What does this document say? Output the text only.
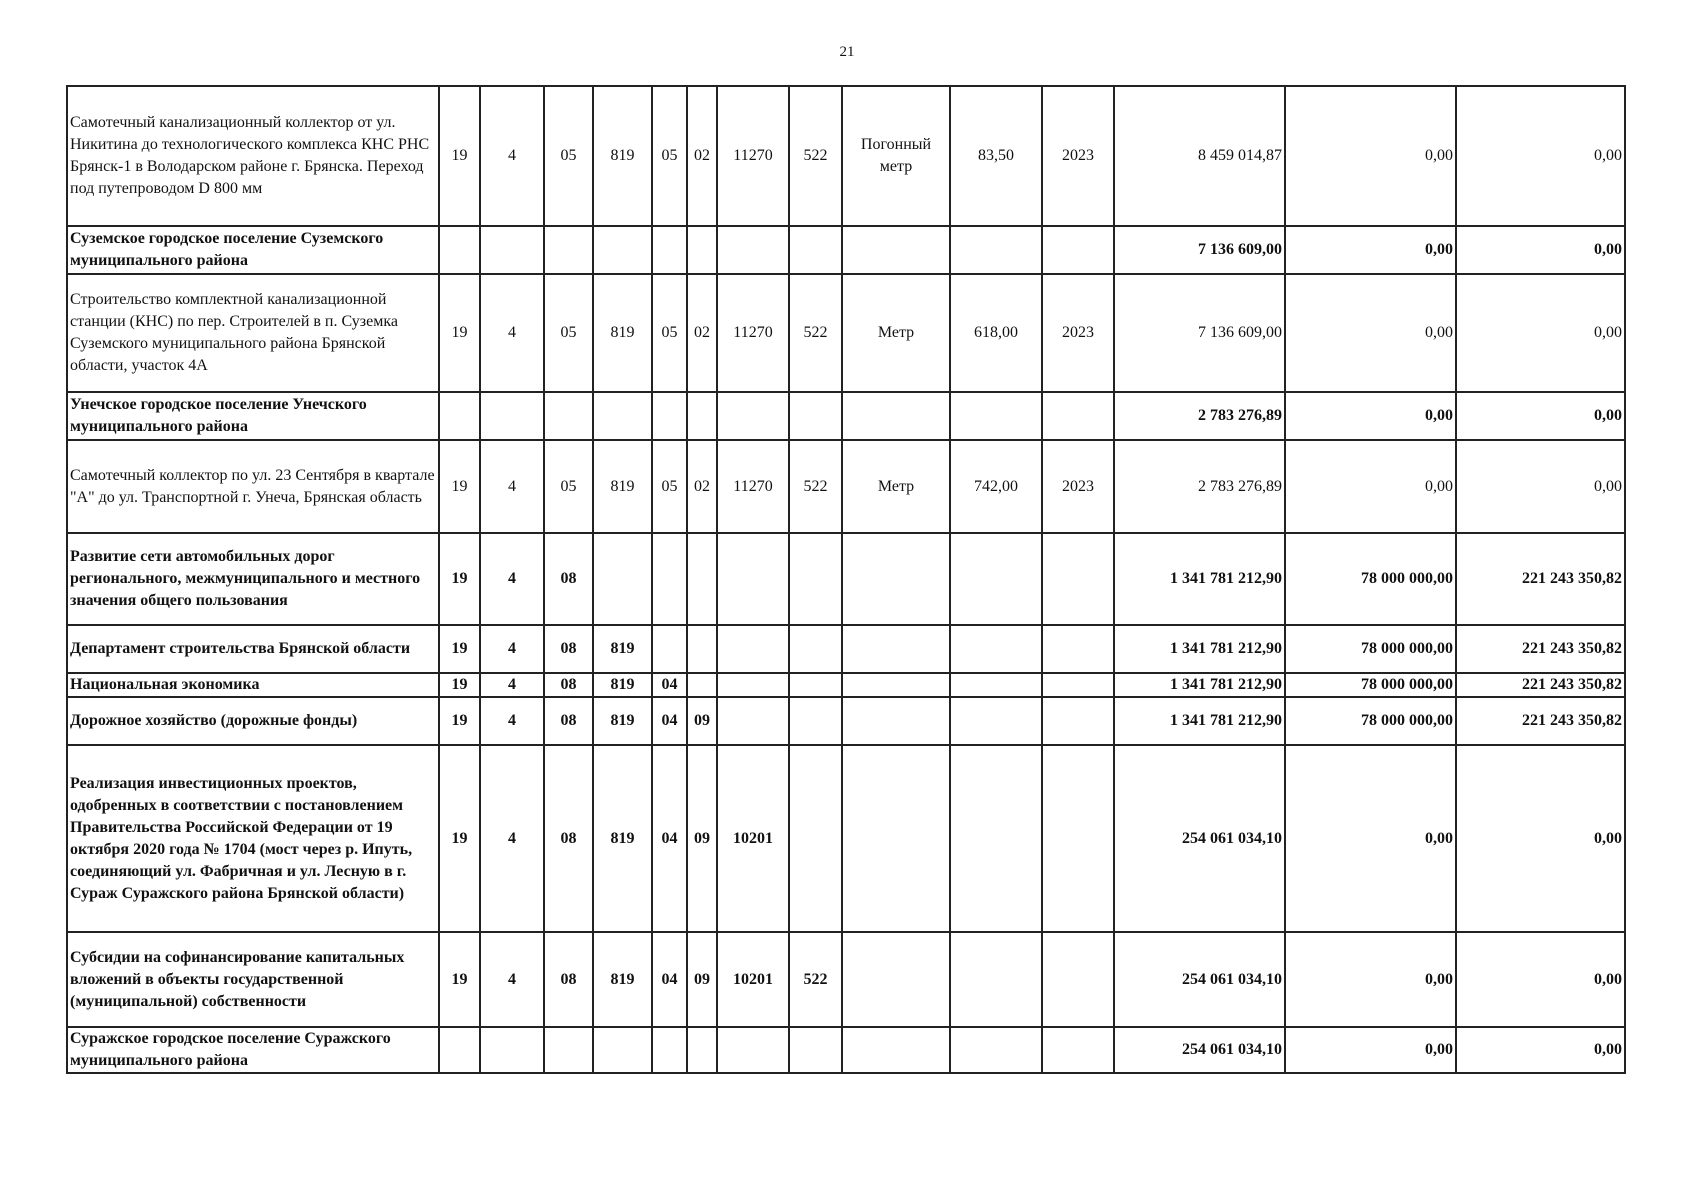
21
Самотечный канализационный коллектор от ул. Никитина до технологического комплекса КНС РНС Брянск-1 в Володарском районе г. Брянска. Переход под путепроводом D 800 мм	19	4	05	819	05	02	11270	522	Погонный метр	83,50	2023	8 459 014,87	0,00	0,00
Суземское городское поселение Суземского муниципального района												7 136 609,00	0,00	0,00
Строительство комплектной канализационной станции (КНС) по пер. Строителей в п. Суземка Суземского муниципального района Брянской области, участок 4А	19	4	05	819	05	02	11270	522	Метр	618,00	2023	7 136 609,00	0,00	0,00
Унечское городское поселение Унечского муниципального района												2 783 276,89	0,00	0,00
Самотечный коллектор по ул. 23 Сентября в квартале "А" до ул. Транспортной г. Унеча, Брянская область	19	4	05	819	05	02	11270	522	Метр	742,00	2023	2 783 276,89	0,00	0,00
Развитие сети автомобильных дорог регионального, межмуниципального и местного значения общего пользования	19	4	08									1 341 781 212,90	78 000 000,00	221 243 350,82
Департамент строительства Брянской области	19	4	08	819								1 341 781 212,90	78 000 000,00	221 243 350,82
Национальная экономика	19	4	08	819	04							1 341 781 212,90	78 000 000,00	221 243 350,82
Дорожное хозяйство (дорожные фонды)	19	4	08	819	04	09						1 341 781 212,90	78 000 000,00	221 243 350,82
Реализация инвестиционных проектов, одобренных в соответствии с постановлением Правительства Российской Федерации от 19 октября 2020 года № 1704 (мост через р. Ипуть, соединяющий ул. Фабричная и ул. Лесную в г. Сураж Суражского района Брянской области)	19	4	08	819	04	09	10201					254 061 034,10	0,00	0,00
Субсидии на софинансирование капитальных вложений в объекты государственной (муниципальной) собственности	19	4	08	819	04	09	10201	522				254 061 034,10	0,00	0,00
Суражское городское поселение Суражского муниципального района												254 061 034,10	0,00	0,00
